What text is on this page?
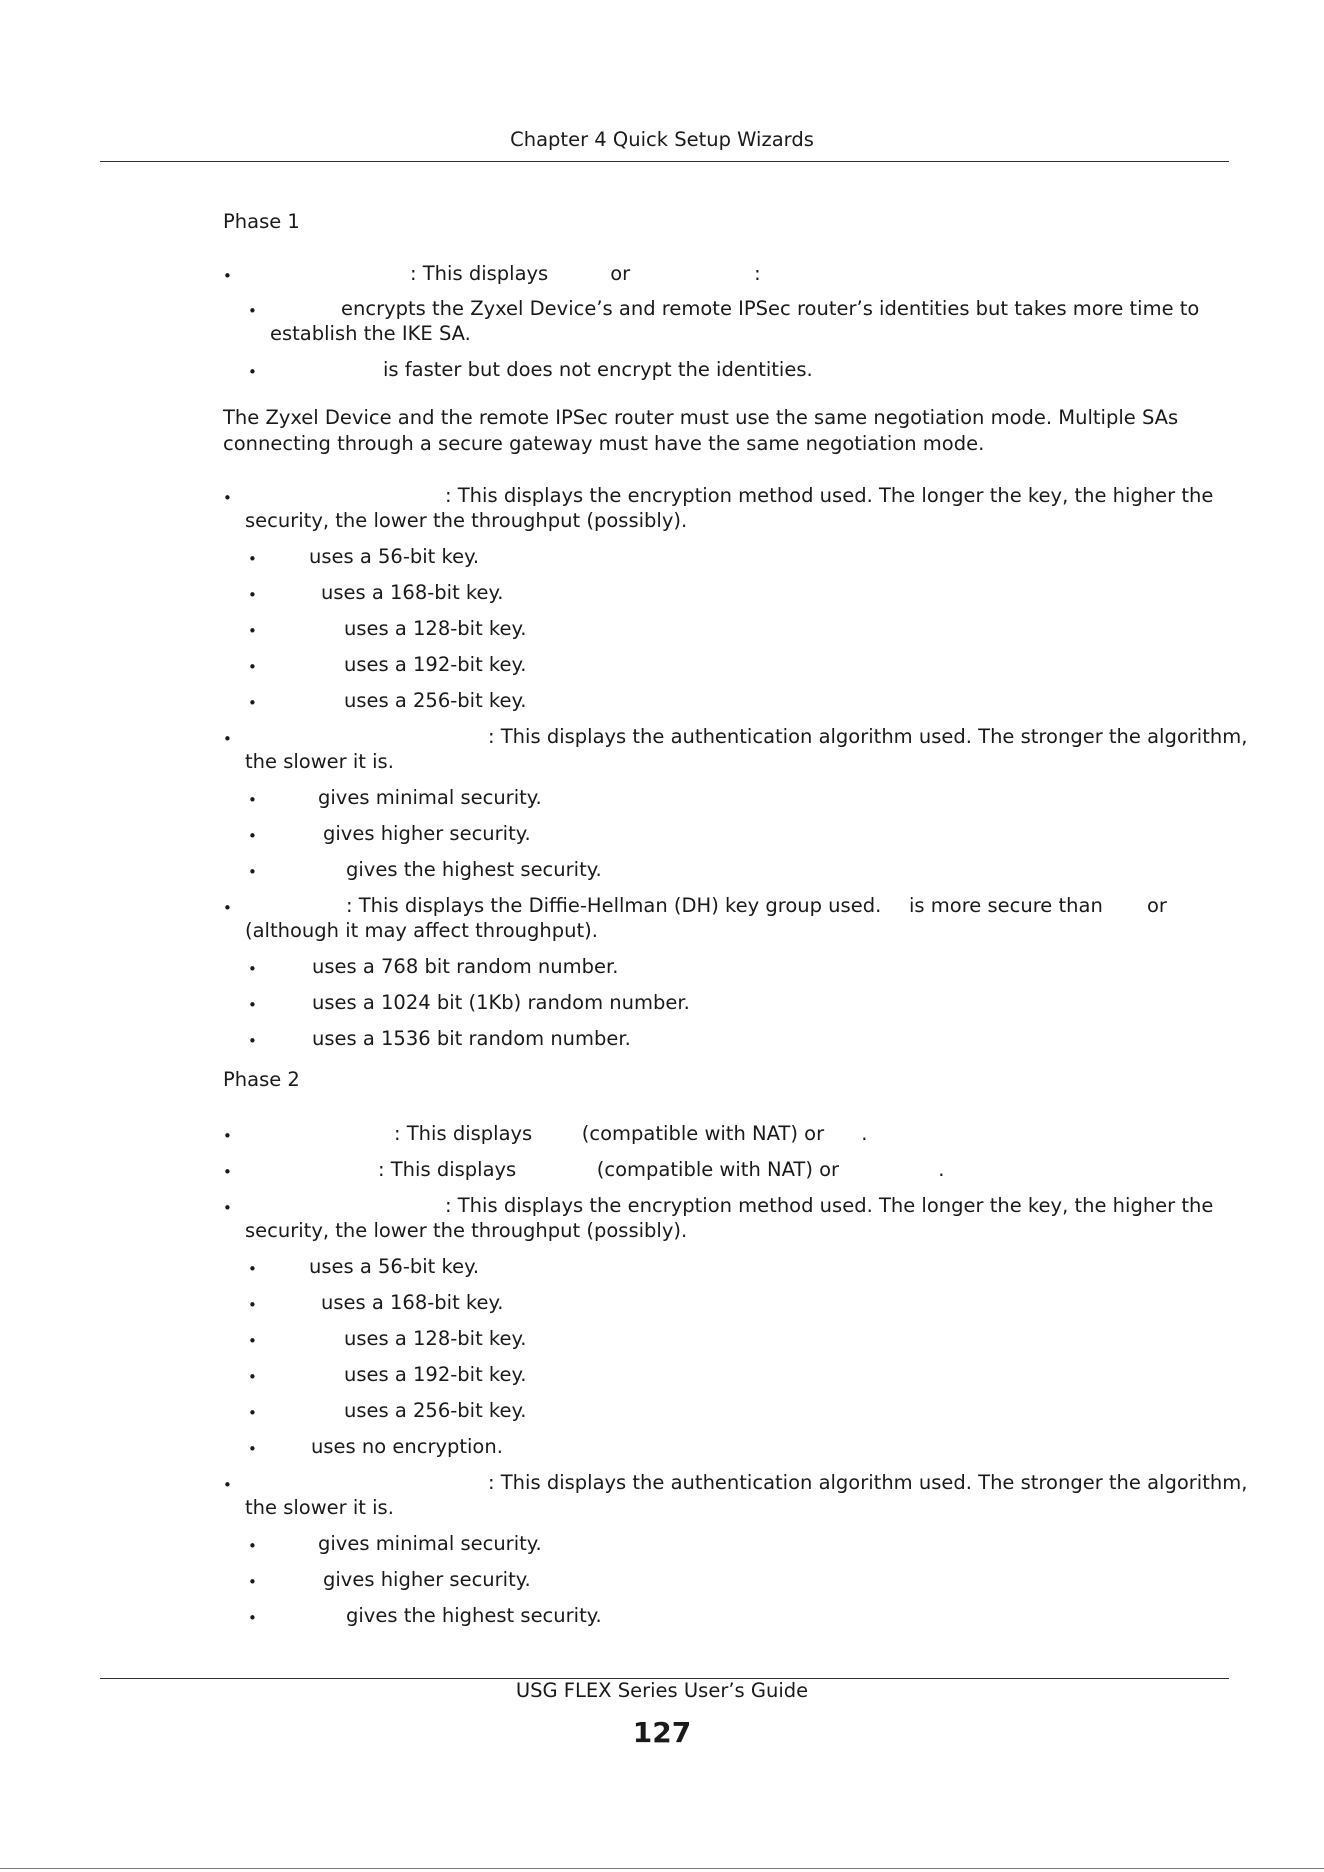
Chapter 4 Quick Setup Wizards
Phase 1
•
: This displays          or                    :
•
encrypts the Zyxel Device’s and remote IPSec router’s identities but takes more time to
establish the IKE SA.
•
is faster but does not encrypt the identities.
The Zyxel Device and the remote IPSec router must use the same negotiation mode. Multiple SAs connecting through a secure gateway must have the same negotiation mode.
•
: This displays the encryption method used. The longer the key, the higher the
security, the lower the throughput (possibly).
•
uses a 56-bit key.
•
uses a 168-bit key.
•
uses a 128-bit key.
•
uses a 192-bit key.
•
uses a 256-bit key.
•
: This displays the authentication algorithm used. The stronger the algorithm,
the slower it is.
•
gives minimal security.
•
gives higher security.
•
gives the highest security.
•
: This displays the Diffie-Hellman (DH) key group used. is more secure than or
(although it may affect throughput).
•
uses a 768 bit random number.
•
uses a 1024 bit (1Kb) random number.
•
uses a 1536 bit random number.
Phase 2
•
: This displays        (compatible with NAT) or      .
•
: This displays             (compatible with NAT) or                .
•
: This displays the encryption method used. The longer the key, the higher the
security, the lower the throughput (possibly).
•
uses a 56-bit key.
•
uses a 168-bit key.
•
uses a 128-bit key.
•
uses a 192-bit key.
•
uses a 256-bit key.
•
uses no encryption.
•
: This displays the authentication algorithm used. The stronger the algorithm,
the slower it is.
•
gives minimal security.
•
gives higher security.
•
gives the highest security.
USG FLEX Series User’s Guide
127
